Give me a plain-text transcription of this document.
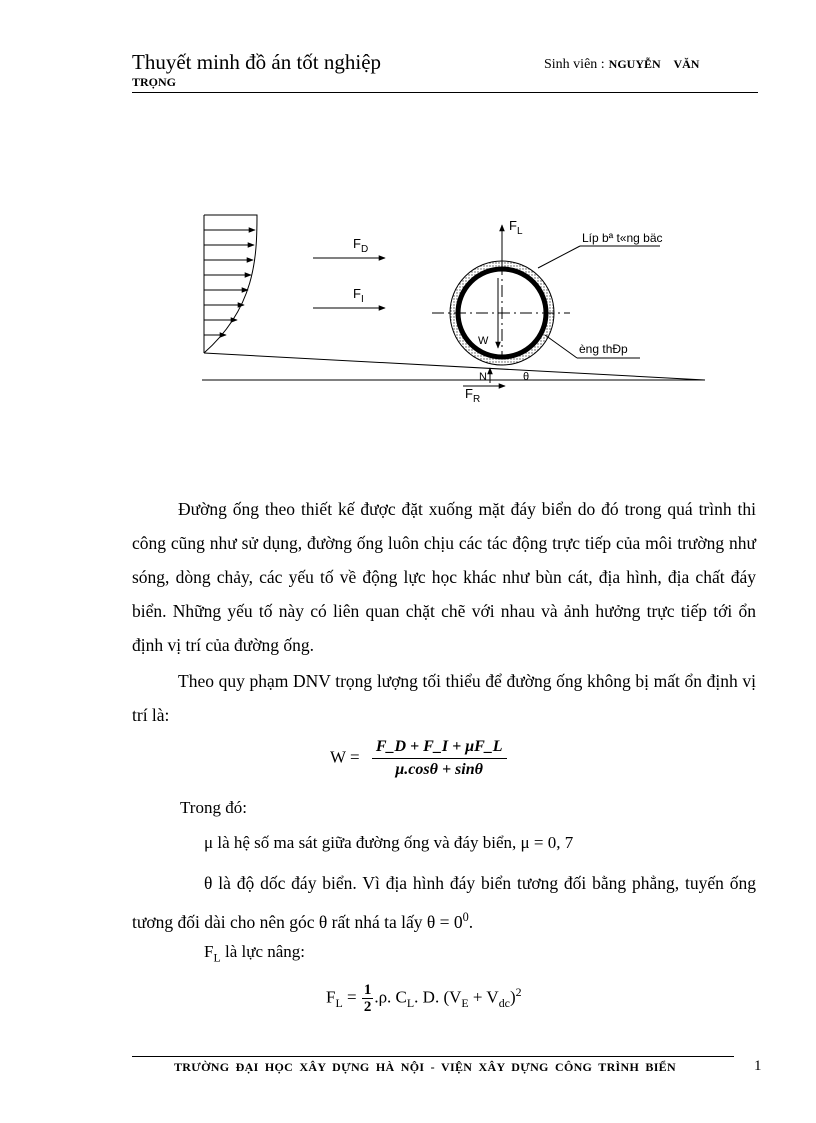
Thuyết minh đồ án tốt nghiệp
TRỌNG
Sinh viên : NGUYỄN VĂN
$F_D$
$F_I$
$F_L$
W
N	θ
$F_R$
Líp bª t«ng bäc
èng thÐp
Đường ống theo thiết kế được đặt xuống mặt đáy biển do đó trong quá trình thi công cũng như sử dụng, đường ống luôn chịu các tác động trực tiếp của môi trường như sóng, dòng chảy, các yếu tố về động lực học khác như bùn cát, địa hình, địa chất đáy biển. Những yếu tố này có liên quan chặt chẽ với nhau và ảnh hưởng trực tiếp tới ổn định vị trí của đường ống.
Theo quy phạm DNV trọng lượng tối thiểu để đường ống không bị mất ổn định vị trí là:
$W = \frac{F\_D + F\_I + \mu F\_L}{\mu.\cos\theta + \sin\theta}$
Trong đó:
μ là hệ số ma sát giữa đường ống và đáy biển, μ = 0, 7
θ là độ dốc đáy biển. Vì địa hình đáy biển tương đối bằng phẳng, tuyến ống tương đối dài cho nên góc θ rất nhá ta lấy $\theta = 0^0$.
$F_L$ là lực nâng:
$F_L = \frac{1}{2} .\rho$. $C_L$. D. $(V_E + V_{dc})^2$
TRƯỜNG ĐẠI HỌC XÂY DỰNG HÀ NỘI - VIỆN XÂY DỰNG CÔNG TRÌNH BIỂN	1
